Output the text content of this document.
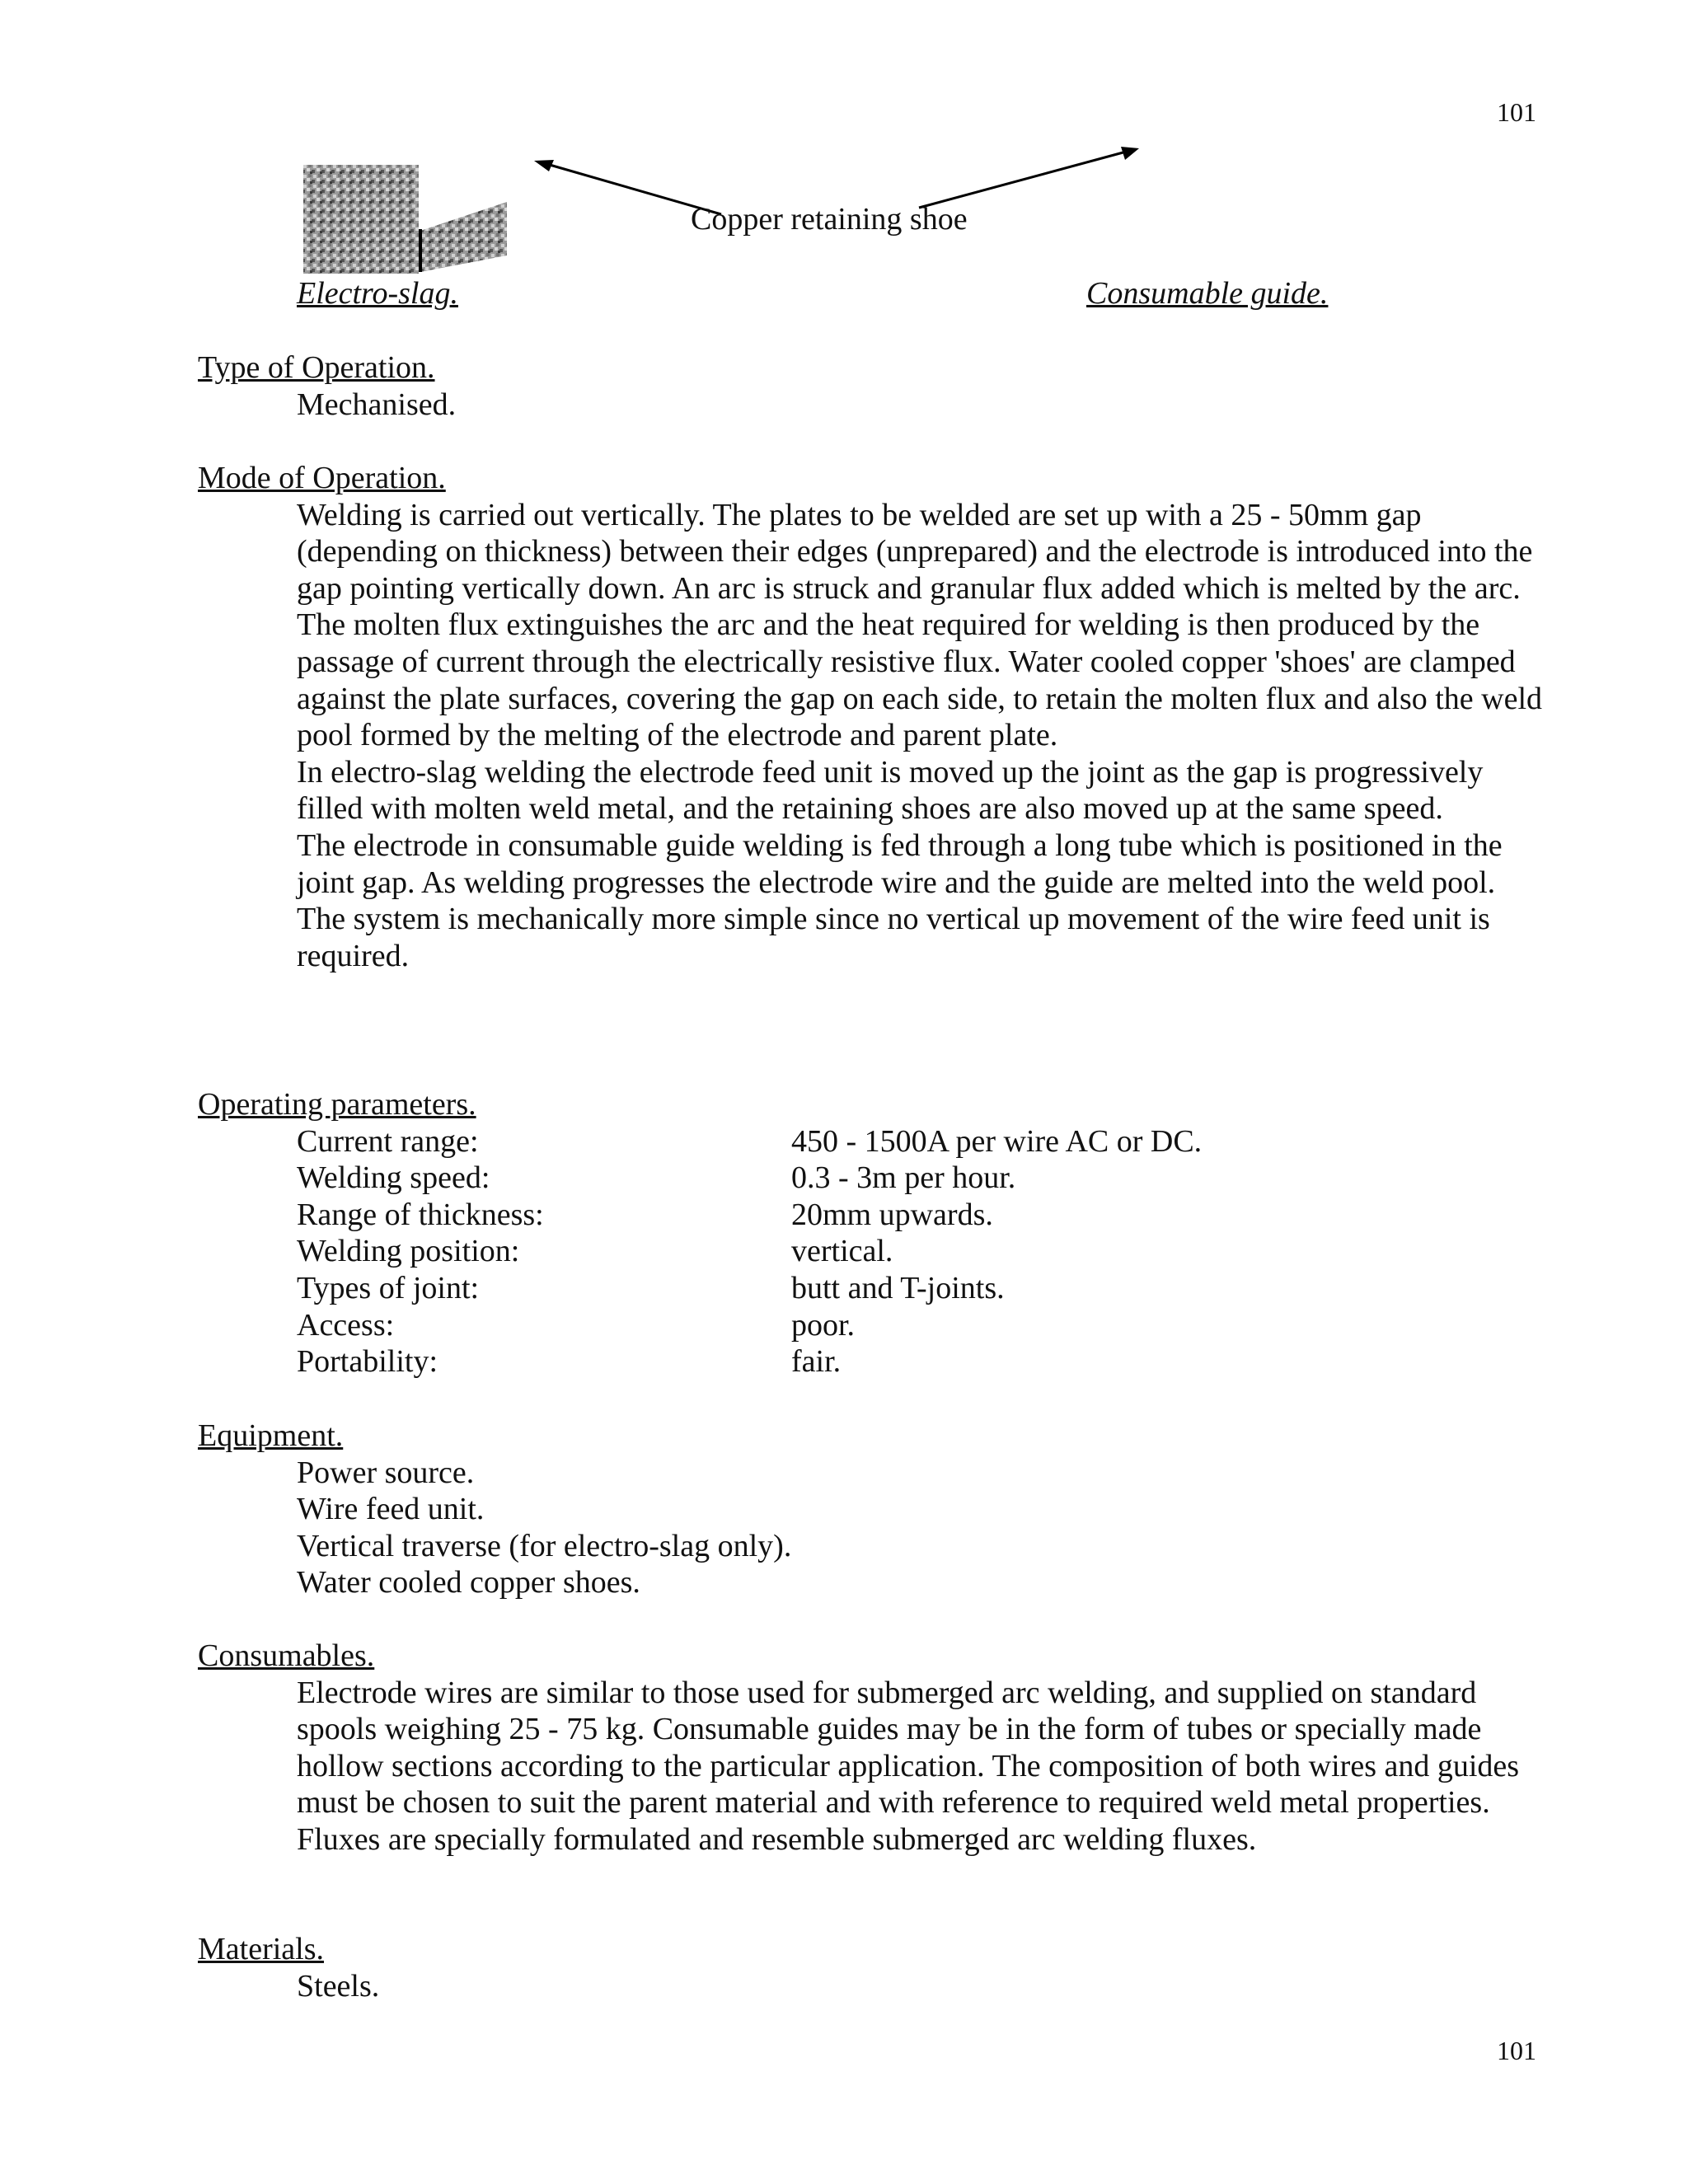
101
Copper retaining shoe
Electro-slag.	Consumable guide.
Type of Operation.
Mechanised.
Mode of Operation.

Welding is carried out vertically. The plates to be welded are set up with a 25 - 50mm gap (depending on thickness) between their edges (unprepared) and the electrode is introduced into the gap pointing vertically down. An arc is struck and granular flux added which is melted by the arc. The molten flux extinguishes the arc and the heat required for welding is then produced by the passage of current through the electrically resistive flux. Water cooled copper 'shoes' are clamped against the plate surfaces, covering the gap on each side, to retain the molten flux and also the weld pool formed by the melting of the electrode and parent plate.

In electro-slag welding the electrode feed unit is moved up the joint as the gap is progressively filled with molten weld metal, and the retaining shoes are also moved up at the same speed.

The electrode in consumable guide welding is fed through a long tube which is positioned in the joint gap. As welding progresses the electrode wire and the guide are melted into the weld pool. The system is mechanically more simple since no vertical up movement of the wire feed unit is required.

Operating parameters.
Current range:	450 - 1500A per wire AC or DC.
Welding speed:	0.3 - 3m per hour.
Range of thickness:	20mm upwards.
Welding position:	vertical.
Types of joint:	butt and T-joints.
Access:	poor.
Portability:	fair.
Equipment.
Power source.
Wire feed unit.
Vertical traverse (for electro-slag only).
Water cooled copper shoes.
Consumables.
Electrode wires are similar to those used for submerged arc welding, and supplied on standard spools weighing 25 - 75 kg. Consumable guides may be in the form of tubes or specially made hollow sections according to the particular application. The composition of both wires and guides must be chosen to suit the parent material and with reference to required weld metal properties. Fluxes are specially formulated and resemble submerged arc welding fluxes.
Materials.
Steels.
101
